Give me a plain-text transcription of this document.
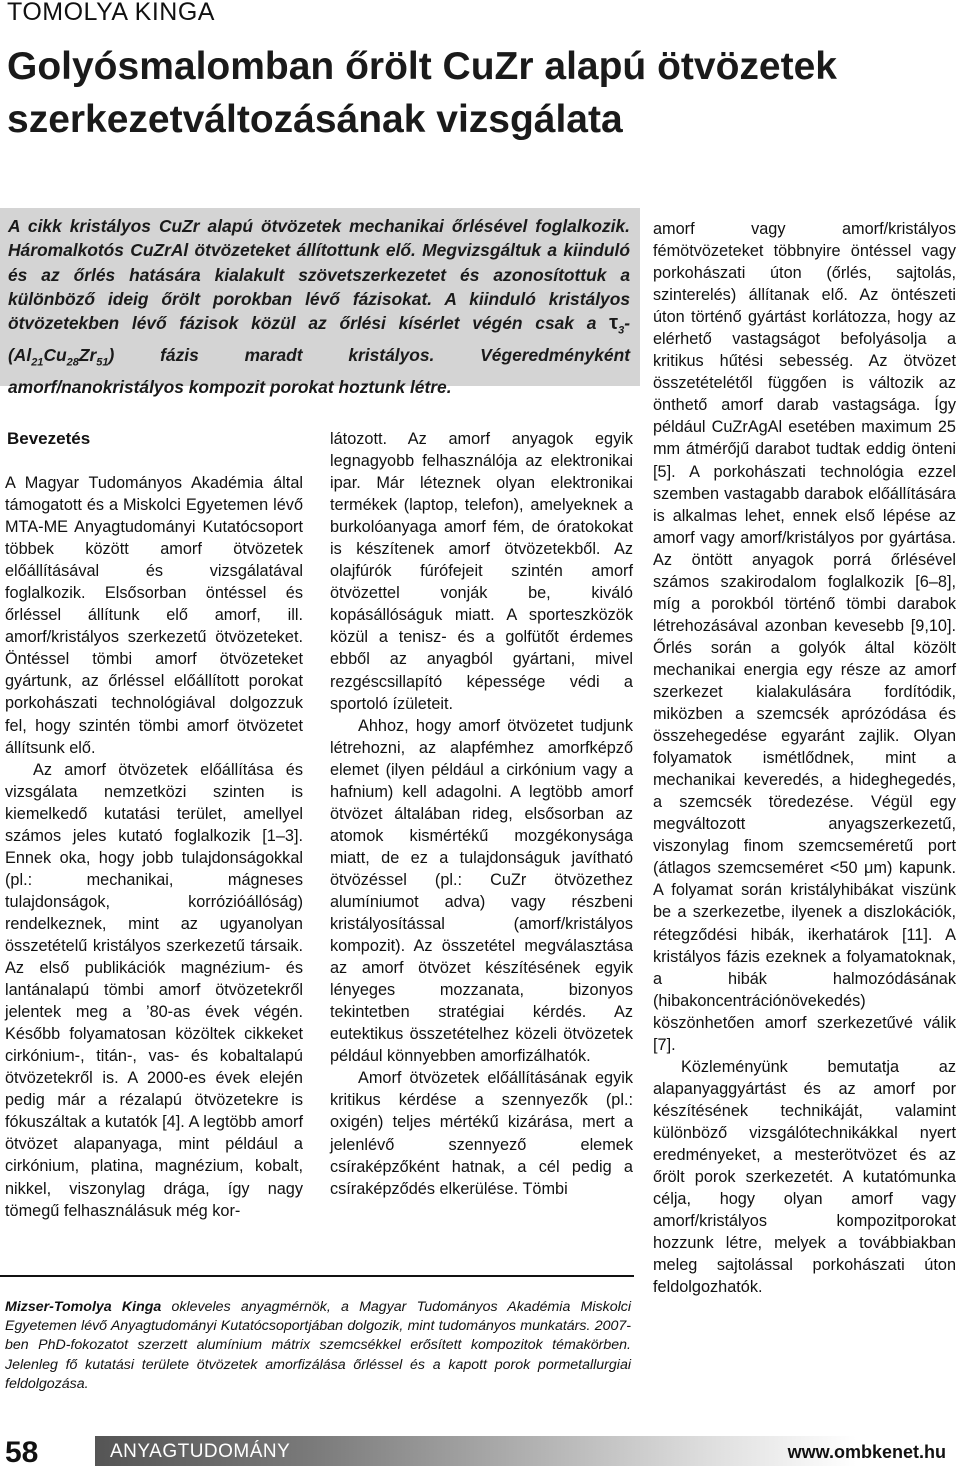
TOMOLYA KINGA
Golyósmalomban őrölt CuZr alapú ötvözetek
szerkezetváltozásának vizsgálata

A cikk kristályos CuZr alapú ötvözetek mechanikai őrlésével foglalkozik. Háromalkotós CuZrAl ötvözeteket állítottunk elő. Megvizsgáltuk a kiinduló és az őrlés hatására kialakult szövetszerkezetet és azonosítottuk a különböző ideig őrölt porokban lévő fázisokat. A kiinduló kristályos ötvözetekben lévő fázisok közül az őrlési kísérlet végén csak a $\tau_3-$ $(Al_{21}Cu_{28}Zr_{51})$ fázis maradt kristályos. Végeredményként amorf/nanokristályos kompozit porokat hoztunk létre.

Bevezetés

A Magyar Tudományos Akadémia által támogatott és a Miskolci Egyetemen lévő MTA-ME Anyagtudományi Kutatócsoport többek között amorf ötvözetek előállításával és vizsgálatával foglalkozik. Elsősorban öntéssel és őrléssel állítunk elő amorf, ill. amorf/kristályos szerkezetű ötvözeteket. Öntéssel tömbi amorf ötvözeteket gyártunk, az őrléssel előállított porokat porkohászati technológiával dolgozzuk fel, hogy szintén tömbi amorf ötvözetet állítsunk elő.

Az amorf ötvözetek előállítása és vizsgálata nemzetközi szinten is kiemelkedő kutatási terület, amellyel számos jeles kutató foglalkozik [1–3]. Ennek oka, hogy jobb tulajdonságokkal (pl.: mechanikai, mágneses tulajdonságok, korrózióállóság) rendelkeznek, mint az ugyanolyan összetételű kristályos szerkezetű társaik. Az első publikációk magnézium- és lantánalapú tömbi amorf ötvözetekről jelentek meg a ’80-as évek végén. Később folyamatosan közöltek cikkeket cirkónium-, titán-, vas- és kobaltalapú ötvözetekről is. A 2000-es évek elején pedig már a rézalapú ötvözetekre is fókuszáltak a kutatók [4]. A legtöbb amorf ötvözet alapanyaga, mint például a cirkónium, platina, magnézium, kobalt, nikkel, viszonylag drága, így nagy tömegű felhasználásuk még kor-

látozott. Az amorf anyagok egyik legnagyobb felhasználója az elektronikai ipar. Már léteznek olyan elektronikai termékek (laptop, telefon), amelyeknek a burkolóanyaga amorf fém, de óratokokat is készítenek amorf ötvözetekből. Az olajfúrók fúrófejeit szintén amorf ötvözettel vonják be, kiváló kopásállóságuk miatt. A sporteszközök közül a tenisz- és a golfütőt érdemes ebből az anyagból gyártani, mivel rezgéscsillapító képessége védi a sportoló ízületeit.

Ahhoz, hogy amorf ötvözetet tudjunk létrehozni, az alapfémhez amorfképző elemet (ilyen például a cirkónium vagy a hafnium) kell adagolni. A legtöbb amorf ötvözet általában rideg, elsősorban az atomok kismértékű mozgékonysága miatt, de ez a tulajdonságuk javítható ötvözéssel (pl.: CuZr ötvözethez alumíniumot adva) vagy részbeni kristályosítással (amorf/kristályos kompozit). Az összetétel megválasztása az amorf ötvözet készítésének egyik lényeges mozzanata, bizonyos tekintetben stratégiai kérdés. Az eutektikus összetételhez közeli ötvözetek például könnyebben amorfizálhatók.

Amorf ötvözetek előállításának egyik kritikus kérdése a szennyezők (pl.: oxigén) teljes mértékű kizárása, mert a jelenlévő szennyező elemek csíraképzőként hatnak, a cél pedig a csíraképződés elkerülése. Tömbi

amorf vagy amorf/kristályos fémötvözeteket többnyire öntéssel vagy porkohászati úton (őrlés, sajtolás, szinterelés) állítanak elő. Az öntészeti úton történő gyártást korlátozza, hogy az elérhető vastagságot befolyásolja a kritikus hűtési sebesség. Az ötvözet összetételétől függően is változik az önthető amorf darab vastagsága. Így például CuZrAgAl esetében maximum 25 mm átmérőjű darabot tudtak eddig önteni [5]. A porkohászati technológia ezzel szemben vastagabb darabok előállítására is alkalmas lehet, ennek első lépése az amorf vagy amorf/kristályos por gyártása. Az öntött anyagok porrá őrlésével számos szakirodalom foglalkozik [6–8], míg a porokból történő tömbi darabok létrehozásával azonban kevesebb [9,10]. Őrlés során a golyók által közölt mechanikai energia egy része az amorf szerkezet kialakulására fordítódik, miközben a szemcsék aprózódása és összehegedése egyaránt zajlik. Olyan folyamatok ismétlődnek, mint a mechanikai keveredés, a hideghegedés, a szemcsék töredezése. Végül egy megváltozott anyagszerkezetű, viszonylag finom szemcseméretű port (átlagos szemcseméret <50 μm) kapunk. A folyamat során kristályhibákat viszünk be a szerkezetbe, ilyenek a diszlokációk, rétegződési hibák, ikerhatárok [11]. A kristályos fázis ezeknek a folyamatoknak, a hibák halmozódásának (hibakoncentrációnövekedés) köszönhetően amorf szerkezetűvé válik [7].

Közleményünk bemutatja az alapanyaggyártást és az amorf por készítésének technikáját, valamint különböző vizsgálótechnikákkal nyert eredményeket, a mesterötvözet és az őrölt porok szerkezetét. A kutatómunka célja, hogy olyan amorf vagy amorf/kristályos kompozitporokat hozzunk létre, melyek a továbbiakban meleg sajtolással porkohászati úton feldolgozhatók.

Mizser-Tomolya Kinga okleveles anyagmérnök, a Magyar Tudományos Akadémia Miskolci Egyetemen lévő Anyagtudományi Kutatócsoportjában dolgozik, mint tudományos munkatárs. 2007-ben PhD-fokozatot szerzett alumínium mátrix szemcsékkel erősített kompozitok témakörben. Jelenleg fő kutatási területe ötvözetek amorfizálása őrléssel és a kapott porok pormetallurgiai feldolgozása.

58	ANYAGTUDOMÁNY	www.ombkenet.hu
